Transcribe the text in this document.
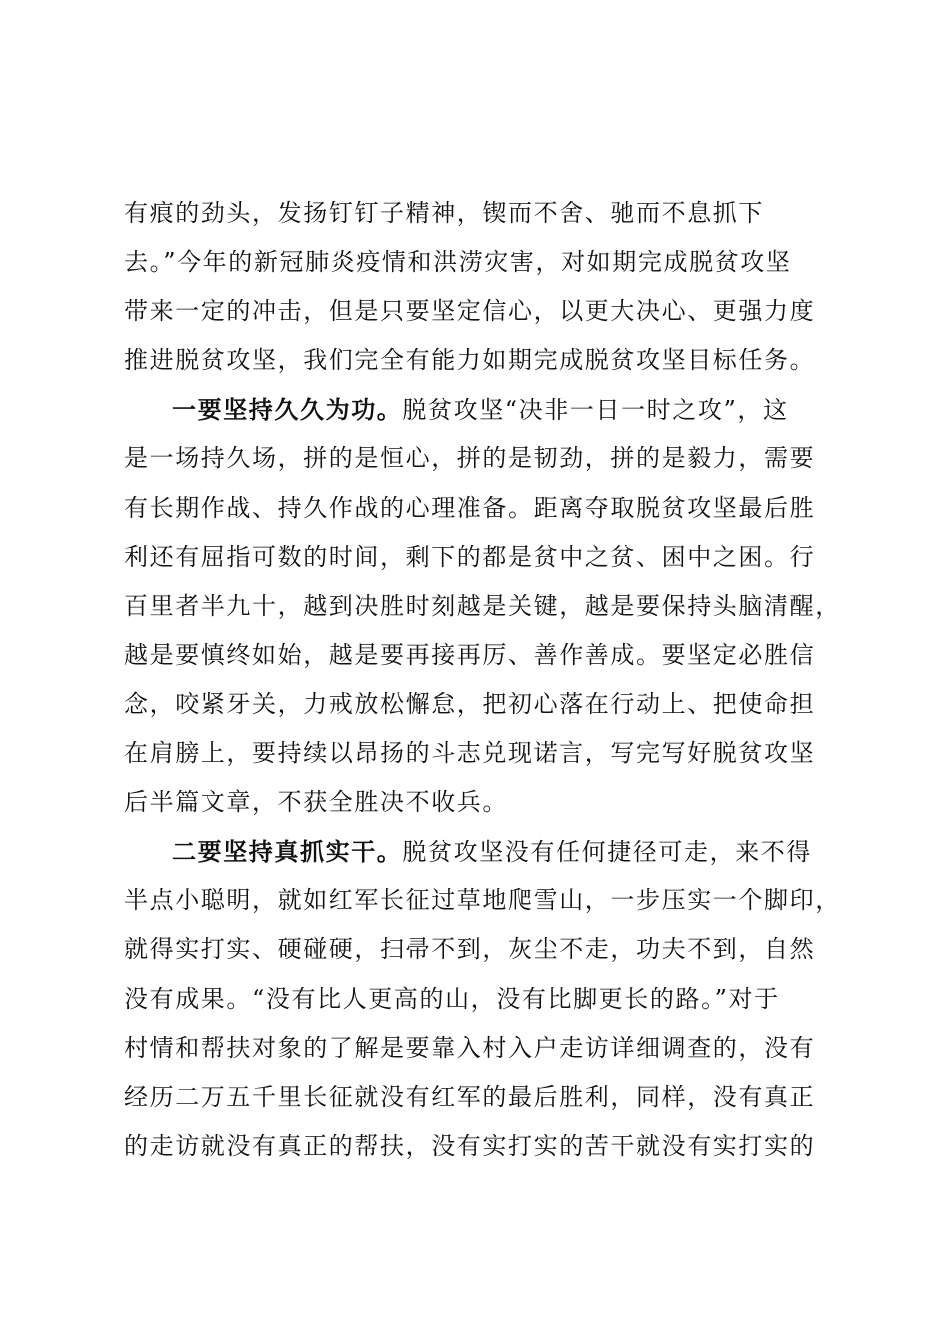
有痕的劲头，发扬钉钉子精神，锲而不舍、驰而不息抓下
去。”今年的新冠肺炎疫情和洪涝灾害，对如期完成脱贫攻坚
带来一定的冲击，但是只要坚定信心，以更大决心、更强力度
推进脱贫攻坚，我们完全有能力如期完成脱贫攻坚目标任务。
一要坚持久久为功。脱贫攻坚“决非一日一时之攻”，这
是一场持久场，拼的是恒心，拼的是韧劲，拼的是毅力，需要
有长期作战、持久作战的心理准备。距离夺取脱贫攻坚最后胜
利还有屈指可数的时间，剩下的都是贫中之贫、困中之困。行
百里者半九十，越到决胜时刻越是关键，越是要保持头脑清醒，
越是要慎终如始，越是要再接再厉、善作善成。要坚定必胜信
念，咬紧牙关，力戒放松懈怠，把初心落在行动上、把使命担
在肩膀上，要持续以昂扬的斗志兑现诺言，写完写好脱贫攻坚
后半篇文章，不获全胜决不收兵。
二要坚持真抓实干。脱贫攻坚没有任何捷径可走，来不得
半点小聪明，就如红军长征过草地爬雪山，一步压实一个脚印，
就得实打实、硬碰硬，扫帚不到，灰尘不走，功夫不到，自然
没有成果。“没有比人更高的山，没有比脚更长的路。”对于
村情和帮扶对象的了解是要靠入村入户走访详细调查的，没有
经历二万五千里长征就没有红军的最后胜利，同样，没有真正
的走访就没有真正的帮扶，没有实打实的苦干就没有实打实的
